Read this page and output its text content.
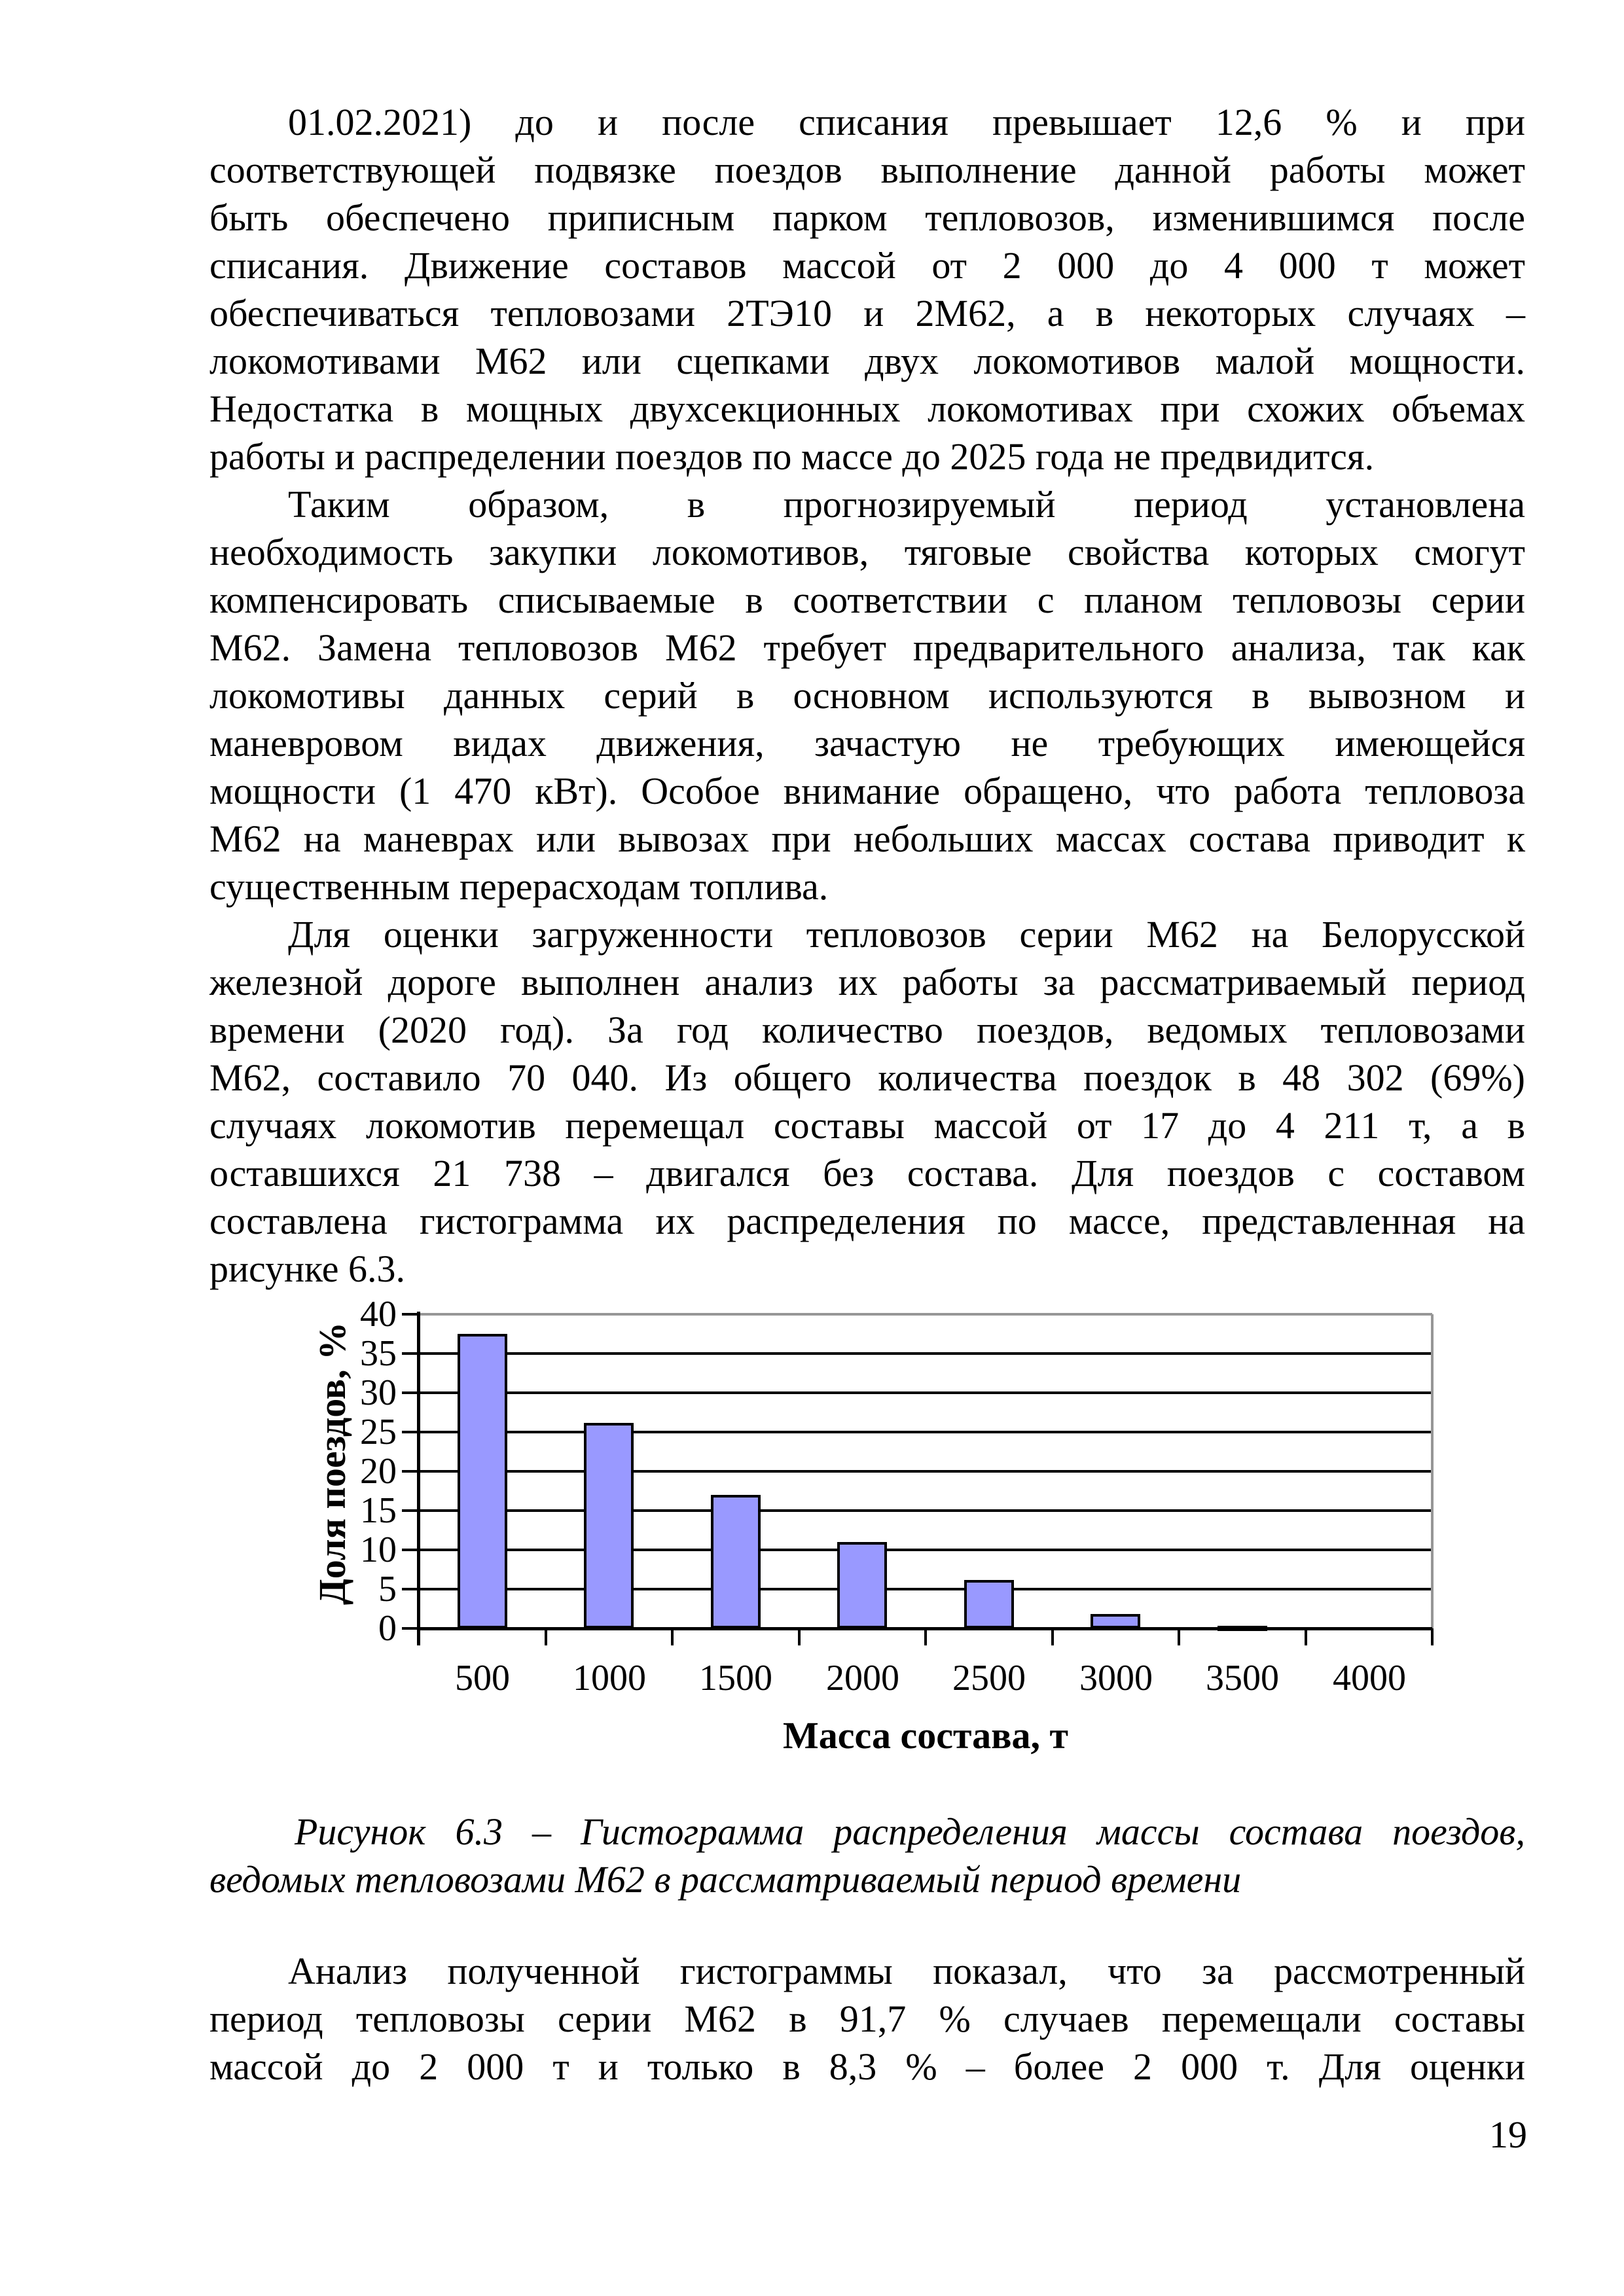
01.02.2021) до и после списания превышает 12,6 % и при
соответствующей подвязке поездов выполнение данной работы может
быть обеспечено приписным парком тепловозов, изменившимся после
списания. Движение составов массой от 2 000 до 4 000 т может
обеспечиваться тепловозами 2ТЭ10 и 2М62, а в некоторых случаях –
локомотивами М62 или сцепками двух локомотивов малой мощности.
Недостатка в мощных двухсекционных локомотивах при схожих объемах
работы и распределении поездов по массе до 2025 года не предвидится.
Таким образом, в прогнозируемый период установлена
необходимость закупки локомотивов, тяговые свойства которых смогут
компенсировать списываемые в соответствии с планом тепловозы серии
М62. Замена тепловозов М62 требует предварительного анализа, так как
локомотивы данных серий в основном используются в вывозном и
маневровом видах движения, зачастую не требующих имеющейся
мощности (1 470 кВт). Особое внимание обращено, что работа тепловоза
М62 на маневрах или вывозах при небольших массах состава приводит к
существенным перерасходам топлива.
Для оценки загруженности тепловозов серии М62 на Белорусской
железной дороге выполнен анализ их работы за рассматриваемый период
времени (2020 год). За год количество поездов, ведомых тепловозами
М62, составило 70 040. Из общего количества поездок в 48 302 (69%)
случаях локомотив перемещал составы массой от 17 до 4 211 т, а в
оставшихся 21 738 – двигался без состава. Для поездов с составом
составлена гистограмма их распределения по массе, представленная на
рисунке 6.3.
Доля поездов, %
Масса состава, т
0
5
10
15
20
25
30
35
40
500	1000	1500	2000	2500	3000	3500	4000
Рисунок 6.3 – Гистограмма распределения массы состава поездов,
ведомых тепловозами М62 в рассматриваемый период времени
Анализ полученной гистограммы показал, что за рассмотренный
период тепловозы серии М62 в 91,7 % случаев перемещали составы
массой до 2 000 т и только в 8,3 % – более 2 000 т. Для оценки
19
